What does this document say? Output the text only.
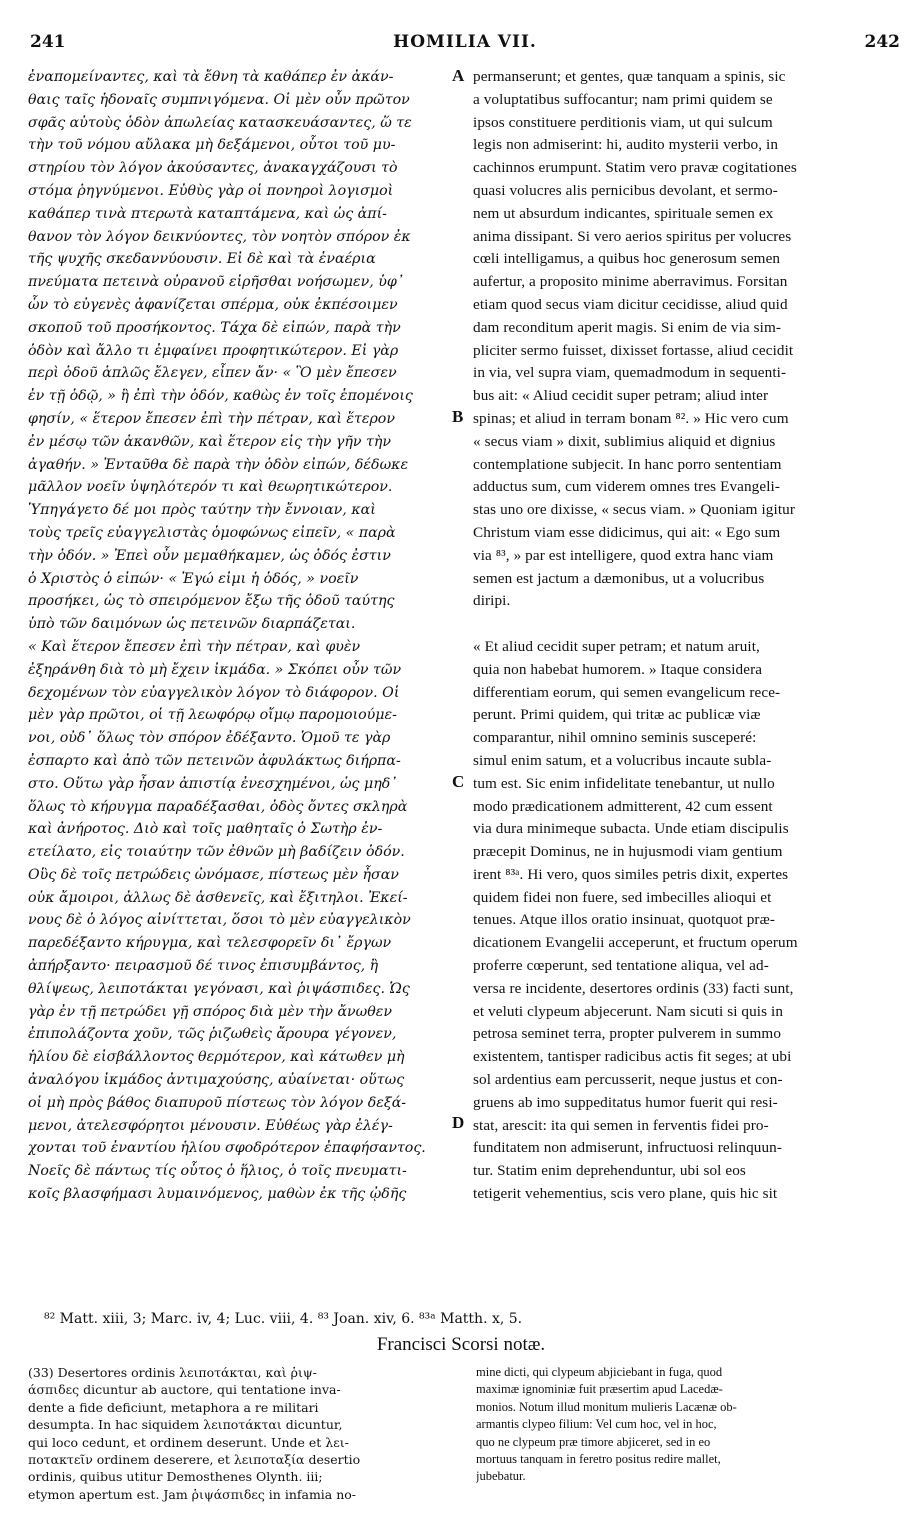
241	HOMILIA VII.	242
ἐναπομείναντες, καὶ τὰ ἔθνη τὰ καθάπερ ἐν ἀκάν-
θαις ταῖς ἡδοναῖς συμπνιγόμενα. Οἱ μὲν οὖν πρῶτον
σφᾶς αὐτοὺς ὁδὸν ἀπωλείας κατασκευάσαντες, ὥ τε
τὴν τοῦ νόμου αὔλακα μὴ δεξάμενοι, οὗτοι τοῦ μυ-
στηρίου τὸν λόγον ἀκούσαντες, ἀνακαγχάζουσι τὸ
στόμα ῥηγνύμενοι. Εὐθὺς γὰρ οἱ πονηροὶ λογισμοὶ
καθάπερ τινὰ πτερωτὰ καταπτάμενα, καὶ ὡς ἀπί-
θανον τὸν λόγον δεικνύοντες, τὸν νοητὸν σπόρον ἐκ
τῆς ψυχῆς σκεδαννύουσιν. Εἰ δὲ καὶ τὰ ἐναέρια
πνεύματα πετεινὰ οὐρανοῦ εἰρῆσθαι νοήσωμεν, ὑφ᾽
ὧν τὸ εὐγενὲς ἀφανίζεται σπέρμα, οὐκ ἐκπέσοιμεν
σκοποῦ τοῦ προσήκοντος. Τάχα δὲ εἰπών, παρὰ τὴν
ὁδὸν καὶ ἄλλο τι ἐμφαίνει προφητικώτερον. Εἰ γὰρ
περὶ ὁδοῦ ἁπλῶς ἔλεγεν, εἶπεν ἄν· « Ὃ μὲν ἔπεσεν
ἐν τῇ ὁδῷ, » ἢ ἐπὶ τὴν ὁδόν, καθὼς ἐν τοῖς ἑπομένοις
φησίν, « ἕτερον ἔπεσεν ἐπὶ τὴν πέτραν, καὶ ἕτερον
ἐν μέσῳ τῶν ἀκανθῶν, καὶ ἕτερον εἰς τὴν γῆν τὴν
ἀγαθήν. » Ἐνταῦθα δὲ παρὰ τὴν ὁδὸν εἰπών, δέδωκε
μᾶλλον νοεῖν ὑψηλότερόν τι καὶ θεωρητικώτερον.
Ὑπηγάγετο δέ μοι πρὸς ταύτην τὴν ἔννοιαν, καὶ
τοὺς τρεῖς εὐαγγελιστὰς ὁμοφώνως εἰπεῖν, « παρὰ
τὴν ὁδόν. » Ἐπεὶ οὖν μεμαθήκαμεν, ὡς ὁδός ἐστιν
ὁ Χριστὸς ὁ εἰπών· « Ἐγώ εἰμι ἡ ὁδός, » νοεῖν
προσήκει, ὡς τὸ σπειρόμενον ἔξω τῆς ὁδοῦ ταύτης
ὑπὸ τῶν δαιμόνων ὡς πετεινῶν διαρπάζεται.
« Καὶ ἕτερον ἔπεσεν ἐπὶ τὴν πέτραν, καὶ φυὲν
ἐξηράνθη διὰ τὸ μὴ ἔχειν ἰκμάδα. » Σκόπει οὖν τῶν
δεχομένων τὸν εὐαγγελικὸν λόγον τὸ διάφορον. Οἱ
μὲν γὰρ πρῶτοι, οἱ τῇ λεωφόρῳ οἴμῳ παρομοιούμε-
νοι, οὐδ᾽ ὅλως τὸν σπόρον ἐδέξαντο. Ὁμοῦ τε γὰρ
ἐσπαρτο καὶ ἀπὸ τῶν πετεινῶν ἀφυλάκτως διήρπα-
στο. Οὕτω γὰρ ἦσαν ἀπιστίᾳ ἐνεσχημένοι, ὡς μηδ᾽
ὅλως τὸ κήρυγμα παραδέξασθαι, ὁδὸς ὄντες σκληρὰ
καὶ ἀνήροτος. Διὸ καὶ τοῖς μαθηταῖς ὁ Σωτὴρ ἐν-
ετείλατο, εἰς τοιαύτην τῶν ἐθνῶν μὴ βαδίζειν ὁδόν.
Οὓς δὲ τοῖς πετρώδεις ὠνόμασε, πίστεως μὲν ἦσαν
οὐκ ἄμοιροι, ἀλλως δὲ ἀσθενεῖς, καὶ ἔξιτηλοι. Ἐκεί-
νους δὲ ὁ λόγος αἰνίττεται, ὅσοι τὸ μὲν εὐαγγελικὸν
παρεδέξαντο κήρυγμα, καὶ τελεσφορεῖν δι᾽ ἔργων
ἀπήρξαντο· πειρασμοῦ δέ τινος ἐπισυμβάντος, ἢ
θλίψεως, λειποτάκται γεγόνασι, καὶ ῥιψάσπιδες. Ὡς
γὰρ ἐν τῇ πετρώδει γῇ σπόρος διὰ μὲν τὴν ἄνωθεν
ἐπιπολάζοντα χοῦν, τῶς ῥιζωθεὶς ἄρουρα γέγονεν,
ἡλίου δὲ εἰσβάλλοντος θερμότερον, καὶ κάτωθεν μὴ
ἀναλόγου ἰκμάδος ἀντιμαχούσης, αὐαίνεται· οὕτως
οἱ μὴ πρὸς βάθος διαπυροῦ πίστεως τὸν λόγον δεξά-
μενοι, ἀτελεσφόρητοι μένουσιν. Εὐθέως γὰρ ἐλέγ-
χονται τοῦ ἐναντίου ἡλίου σφοδρότερον ἐπαφήσαντος.
Νοεῖς δὲ πάντως τίς οὗτος ὁ ἥλιος, ὁ τοῖς πνευματι-
κοῖς βλασφήμασι λυμαινόμενος, μαθὼν ἐκ τῆς ᾠδῆς
permanserunt; et gentes, quæ tanquam a spinis, sic
a voluptatibus suffocantur; nam primi quidem se
ipsos constituere perditionis viam, ut qui sulcum
legis non admiserint: hi, audito mysterii verbo, in
cachinnos erumpunt. Statim vero pravæ cogitationes
quasi volucres alis pernicibus devolant, et sermo-
nem ut absurdum indicantes, spirituale semen ex
anima dissipant. Si vero aerios spiritus per volucres
cœli intelligamus, a quibus hoc generosum semen
aufertur, a proposito minime aberravimus. Forsitan
etiam quod secus viam dicitur cecidisse, aliud quid
dam reconditum aperit magis. Si enim de via sim-
pliciter sermo fuisset, dixisset fortasse, aliud cecidit
in via, vel supra viam, quemadmodum in sequenti-
bus ait: « Aliud cecidit super petram; aliud inter
spinas; et aliud in terram bonam ⁸². » Hic vero cum
« secus viam » dixit, sublimius aliquid et dignius
contemplatione subjecit. In hanc porro sententiam
adductus sum, cum viderem omnes tres Evangeli-
stas uno ore dixisse, « secus viam. » Quoniam igitur
Christum viam esse didicimus, qui ait: « Ego sum
via ⁸³, » par est intelligere, quod extra hanc viam
semen est jactum a dæmonibus, ut a volucribus
diripi.
« Et aliud cecidit super petram; et natum aruit,
quia non habebat humorem. » Itaque considera
differentiam eorum, qui semen evangelicum rece-
perunt. Primi quidem, qui tritæ ac publicæ viæ
comparantur, nihil omnino seminis susceperé:
simul enim satum, et a volucribus incaute subla-
tum est. Sic enim infidelitate tenebantur, ut nullo
modo prædicationem admitterent, 42 cum essent
via dura minimeque subacta. Unde etiam discipulis
præcepit Dominus, ne in hujusmodi viam gentium
irent ⁸³ᵃ. Hi vero, quos similes petris dixit, expertes
quidem fidei non fuere, sed imbecilles alioqui et
tenues. Atque illos oratio insinuat, quotquot præ-
dicationem Evangelii acceperunt, et fructum operum
proferre cœperunt, sed tentatione aliqua, vel ad-
versa re incidente, desertores ordinis (33) facti sunt,
et veluti clypeum abjecerunt. Nam sicuti si quis in
petrosa seminet terra, propter pulverem in summo
existentem, tantisper radicibus actis fit seges; at ubi
sol ardentius eam percusserit, neque justus et con-
gruens ab imo suppeditatus humor fuerit qui resi-
stat, arescit: ita qui semen in ferventis fidei pro-
funditatem non admiserunt, infructuosi relinquun-
tur. Statim enim deprehenduntur, ubi sol eos
tetigerit vehementius, scis vero plane, quis hic sit
A
B
C
D
⁸² Matt. xiii, 3; Marc. iv, 4; Luc. viii, 4. ⁸³ Joan. xiv, 6. ⁸³ᵃ Matth. x, 5.
Francisci Scorsi notæ.
(33) Desertores ordinis λειποτάκται, καὶ ῥιψ-
άσπιδες dicuntur ab auctore, qui tentatione inva-
dente a fide deficiunt, metaphora a re militari
desumpta. In hac siquidem λειποτάκται dicuntur,
qui loco cedunt, et ordinem deserunt. Unde et λει-
ποτακτεῖν ordinem deserere, et λειποταξία desertio
ordinis, quibus utitur Demosthenes Olynth. iii;
etymon apertum est. Jam ῥιψάσπιδες in infamia no-
mine dicti, qui clypeum abjiciebant in fuga, quod
maximæ ignominiæ fuit præsertim apud Lacedæ-
monios. Notum illud monitum mulieris Lacænæ ob-
armantis clypeo filium: Vel cum hoc, vel in hoc,
quo ne clypeum præ timore abjiceret, sed in eo
mortuus tanquam in feretro positus redire mallet,
jubebatur.
